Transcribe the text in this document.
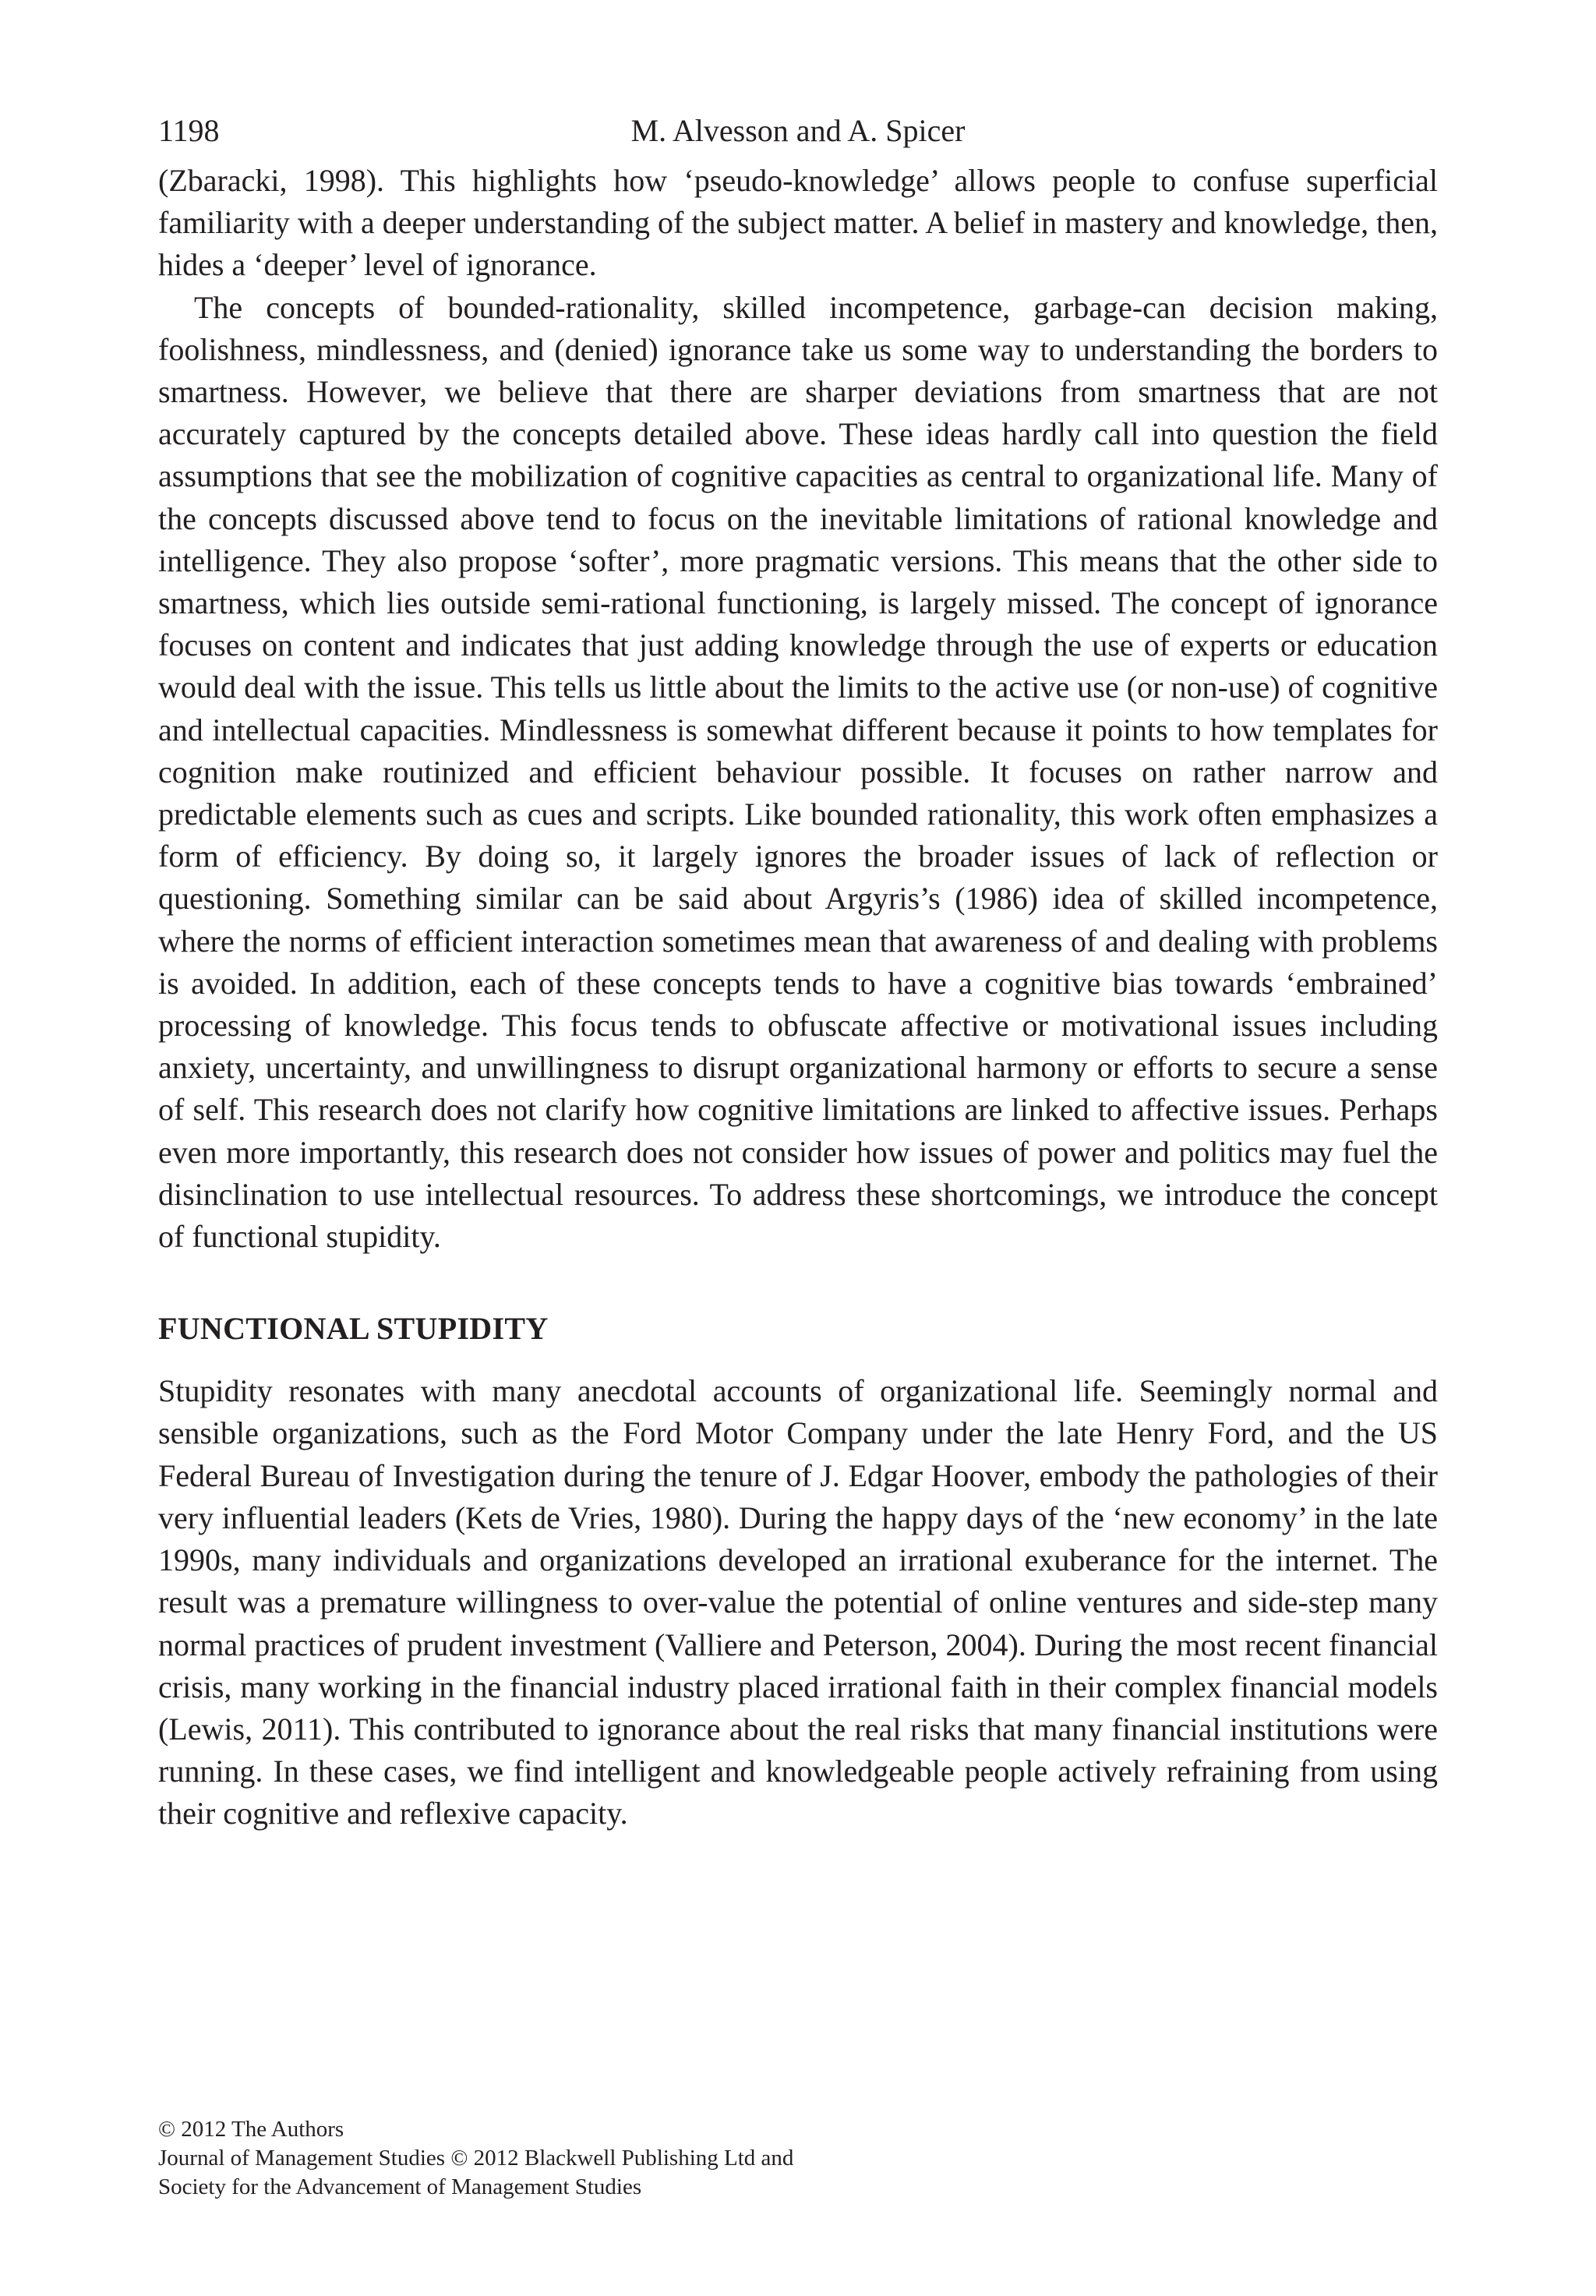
1198	M. Alvesson and A. Spicer

(Zbaracki, 1998). This highlights how ‘pseudo-knowledge’ allows people to confuse superficial familiarity with a deeper understanding of the subject matter. A belief in mastery and knowledge, then, hides a ‘deeper’ level of ignorance.

The concepts of bounded-rationality, skilled incompetence, garbage-can decision making, foolishness, mindlessness, and (denied) ignorance take us some way to understanding the borders to smartness. However, we believe that there are sharper deviations from smartness that are not accurately captured by the concepts detailed above. These ideas hardly call into question the field assumptions that see the mobilization of cognitive capacities as central to organizational life. Many of the concepts discussed above tend to focus on the inevitable limitations of rational knowledge and intelligence. They also propose ‘softer’, more pragmatic versions. This means that the other side to smartness, which lies outside semi-rational functioning, is largely missed. The concept of ignorance focuses on content and indicates that just adding knowledge through the use of experts or education would deal with the issue. This tells us little about the limits to the active use (or non-use) of cognitive and intellectual capacities. Mindlessness is somewhat different because it points to how templates for cognition make routinized and efficient behaviour possible. It focuses on rather narrow and predictable elements such as cues and scripts. Like bounded rationality, this work often emphasizes a form of efficiency. By doing so, it largely ignores the broader issues of lack of reflection or questioning. Something similar can be said about Argyris’s (1986) idea of skilled incompetence, where the norms of efficient interaction sometimes mean that awareness of and dealing with problems is avoided. In addition, each of these concepts tends to have a cognitive bias towards ‘embrained’ processing of knowledge. This focus tends to obfuscate affective or motivational issues including anxiety, uncertainty, and unwillingness to disrupt organizational harmony or efforts to secure a sense of self. This research does not clarify how cognitive limitations are linked to affective issues. Perhaps even more importantly, this research does not consider how issues of power and politics may fuel the disinclination to use intellectual resources. To address these shortcomings, we introduce the concept of functional stupidity.

FUNCTIONAL STUPIDITY

Stupidity resonates with many anecdotal accounts of organizational life. Seemingly normal and sensible organizations, such as the Ford Motor Company under the late Henry Ford, and the US Federal Bureau of Investigation during the tenure of J. Edgar Hoover, embody the pathologies of their very influential leaders (Kets de Vries, 1980). During the happy days of the ‘new economy’ in the late 1990s, many individuals and organizations developed an irrational exuberance for the internet. The result was a premature willingness to over-value the potential of online ventures and side-step many normal practices of prudent investment (Valliere and Peterson, 2004). During the most recent financial crisis, many working in the financial industry placed irrational faith in their complex financial models (Lewis, 2011). This contributed to ignorance about the real risks that many financial institutions were running. In these cases, we find intelligent and knowledgeable people actively refraining from using their cognitive and reflexive capacity.

© 2012 The Authors
Journal of Management Studies © 2012 Blackwell Publishing Ltd and
Society for the Advancement of Management Studies
